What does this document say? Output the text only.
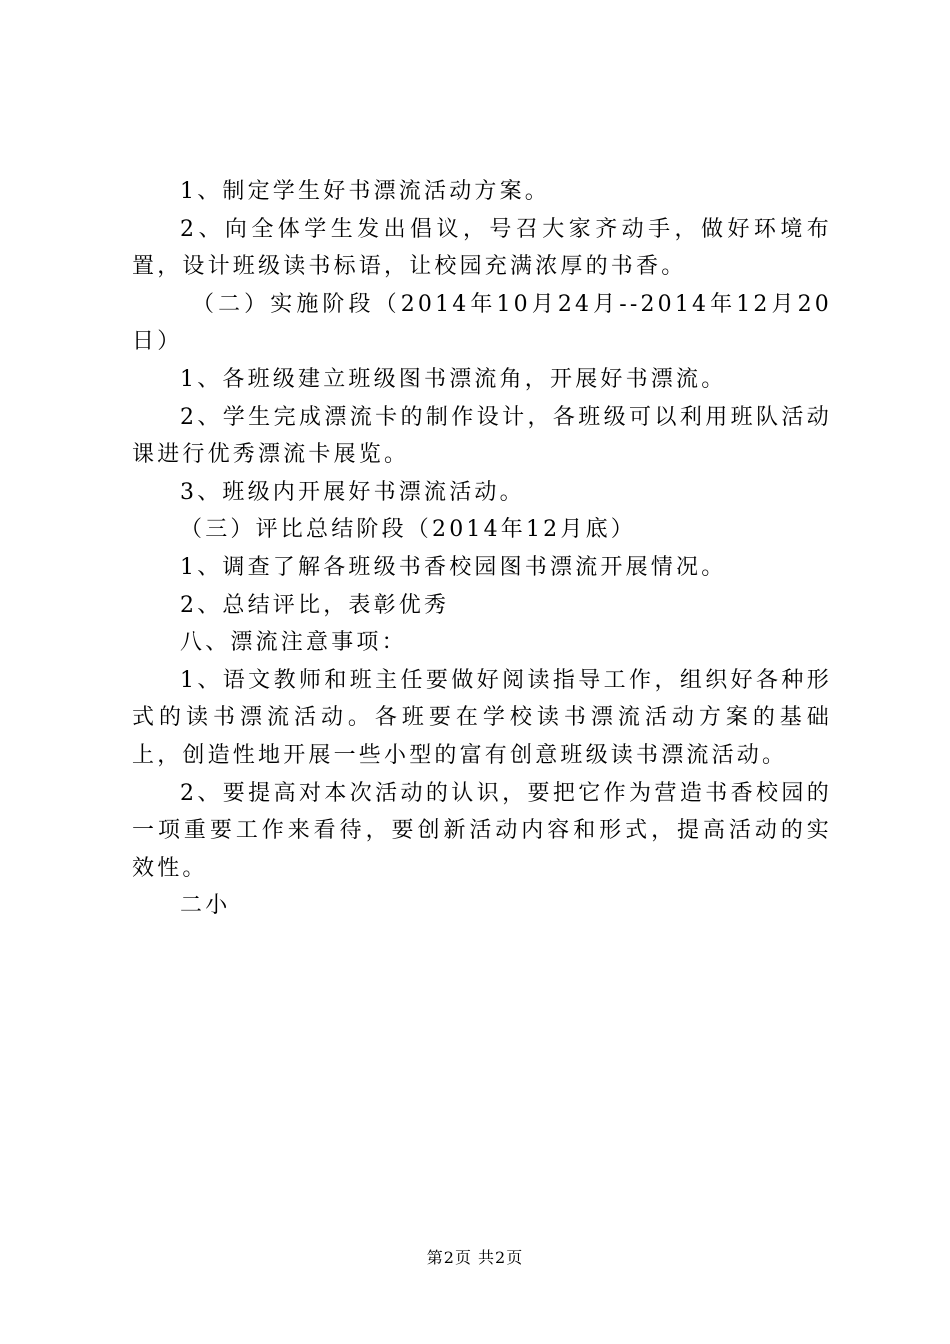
1、制定学生好书漂流活动方案。

2、向全体学生发出倡议，号召大家齐动手，做好环境布置，设计班级读书标语，让校园充满浓厚的书香。

（二）实施阶段（2014年10月24月--2014年12月20日）

1、各班级建立班级图书漂流角，开展好书漂流。

2、学生完成漂流卡的制作设计，各班级可以利用班队活动课进行优秀漂流卡展览。

3、班级内开展好书漂流活动。

（三）评比总结阶段（2014年12月底）

1、调查了解各班级书香校园图书漂流开展情况。

2、总结评比，表彰优秀

八、漂流注意事项：

1、语文教师和班主任要做好阅读指导工作，组织好各种形式的读书漂流活动。各班要在学校读书漂流活动方案的基础上，创造性地开展一些小型的富有创意班级读书漂流活动。

2、要提高对本次活动的认识，要把它作为营造书香校园的一项重要工作来看待，要创新活动内容和形式，提高活动的实效性。

二小

第2页 共2页
